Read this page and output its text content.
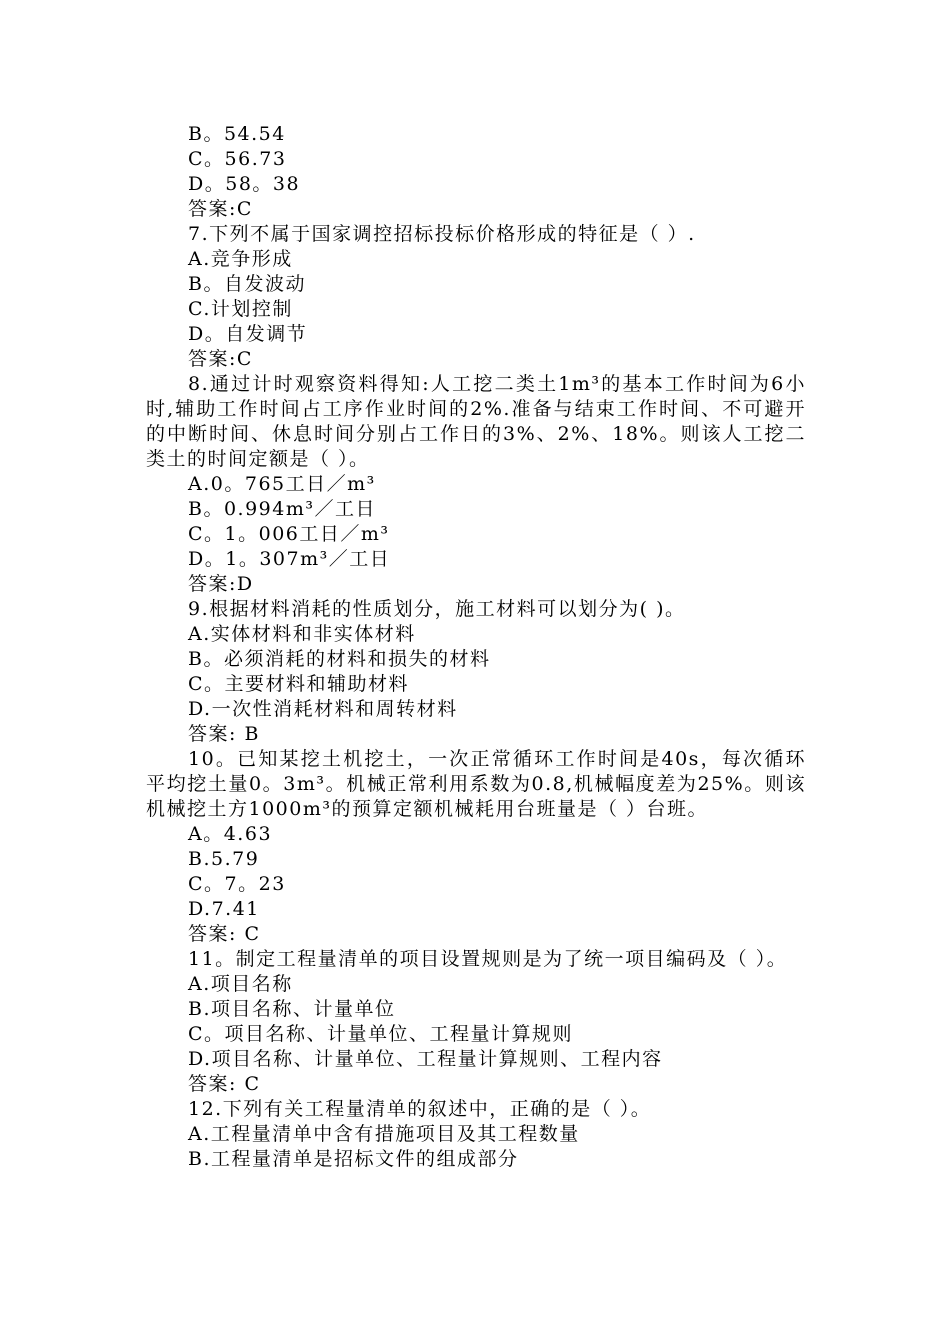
B。54.54
C。56.73
D。58。38
答案:C
7.下列不属于国家调控招标投标价格形成的特征是（ ）.
A.竞争形成
B。自发波动
C.计划控制
D。自发调节
答案:C
8.通过计时观察资料得知:人工挖二类土1m³的基本工作时间为6小时,辅助工作时间占工序作业时间的2%.准备与结束工作时间、不可避开的中断时间、休息时间分别占工作日的3%、2%、18%。则该人工挖二类土的时间定额是（ ）。
A.0。765工日／m³
B。0.994m³／工日
C。1。006工日／m³
D。1。307m³／工日
答案:D
9.根据材料消耗的性质划分，施工材料可以划分为( )。
A.实体材料和非实体材料
B。必须消耗的材料和损失的材料
C。主要材料和辅助材料
D.一次性消耗材料和周转材料
答案: B
10。已知某挖土机挖土，一次正常循环工作时间是40s，每次循环平均挖土量0。3m³。机械正常利用系数为0.8,机械幅度差为25%。则该机械挖土方1000m³的预算定额机械耗用台班量是（ ）台班。
A。4.63
B.5.79
C。7。23
D.7.41
答案: C
11。制定工程量清单的项目设置规则是为了统一项目编码及（ ）。
A.项目名称
B.项目名称、计量单位
C。项目名称、计量单位、工程量计算规则
D.项目名称、计量单位、工程量计算规则、工程内容
答案: C
12.下列有关工程量清单的叙述中，正确的是（ ）。
A.工程量清单中含有措施项目及其工程数量
B.工程量清单是招标文件的组成部分
